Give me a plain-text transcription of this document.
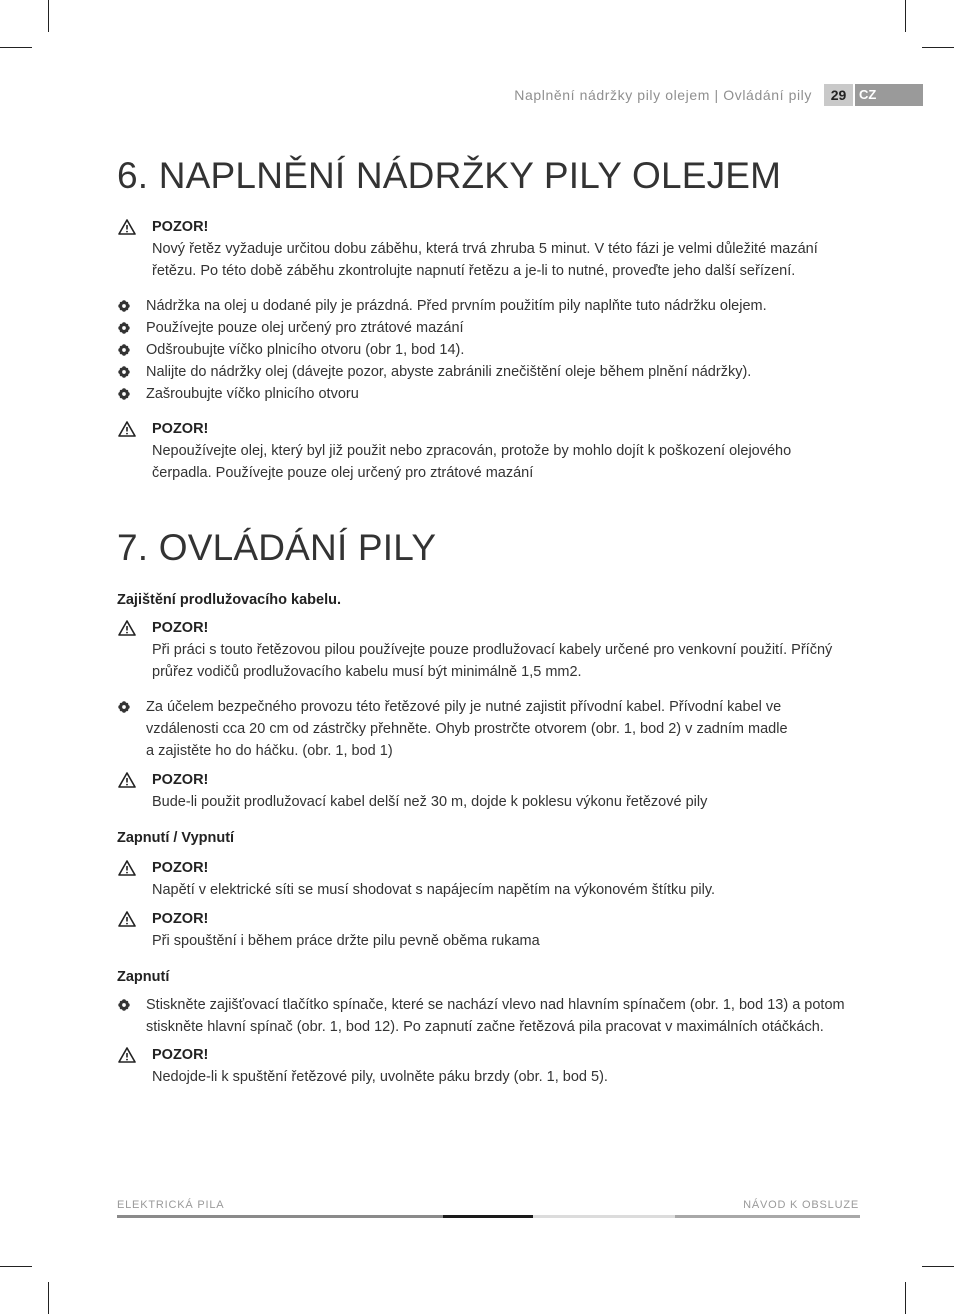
Naplnění nádržky pily olejem | Ovládání pily	29 CZ
6. NAPLNĚNÍ NÁDRŽKY PILY OLEJEM
POZOR!
Nový řetěz vyžaduje určitou dobu záběhu, která trvá zhruba 5 minut. V této fázi je velmi důležité mazání
řetězu. Po této době záběhu zkontrolujte napnutí řetězu a je-li to nutné, proveďte jeho další seřízení.
Nádržka na olej u dodané pily je prázdná. Před prvním použitím pily naplňte tuto nádržku olejem.
Používejte pouze olej určený pro ztrátové mazání
Odšroubujte víčko plnicího otvoru (obr 1, bod 14).
Nalijte do nádržky olej (dávejte pozor, abyste zabránili znečištění oleje během plnění nádržky).
Zašroubujte víčko plnicího otvoru
POZOR!
Nepoužívejte olej, který byl již použit nebo zpracován, protože by mohlo dojít k poškození olejového
čerpadla. Používejte pouze olej určený pro ztrátové mazání
7. OVLÁDÁNÍ PILY
Zajištění prodlužovacího kabelu.
POZOR!
Při práci s touto řetězovou pilou používejte pouze prodlužovací kabely určené pro venkovní použití. Příčný
průřez vodičů prodlužovacího kabelu musí být minimálně 1,5 mm2.
Za účelem bezpečného provozu této řetězové pily je nutné zajistit přívodní kabel. Přívodní kabel ve
vzdálenosti cca 20 cm od zástrčky přehněte. Ohyb prostrčte otvorem (obr. 1, bod 2) v zadním madle
a zajistěte ho do háčku. (obr. 1, bod 1)
POZOR!
Bude-li použit prodlužovací kabel delší než 30 m, dojde k poklesu výkonu řetězové pily
Zapnutí / Vypnutí
POZOR!
Napětí v elektrické síti se musí shodovat s napájecím napětím na výkonovém štítku pily.
POZOR!
Při spouštění i během práce držte pilu pevně oběma rukama
Zapnutí
Stiskněte zajišťovací tlačítko spínače, které se nachází vlevo nad hlavním spínačem (obr. 1, bod 13) a potom
stiskněte hlavní spínač (obr. 1, bod 12). Po zapnutí začne řetězová pila pracovat v maximálních otáčkách.
POZOR!
Nedojde-li k spuštění řetězové pily, uvolněte páku brzdy (obr. 1, bod 5).
ELEKTRICKÁ PILA	NÁVOD K OBSLUZE
